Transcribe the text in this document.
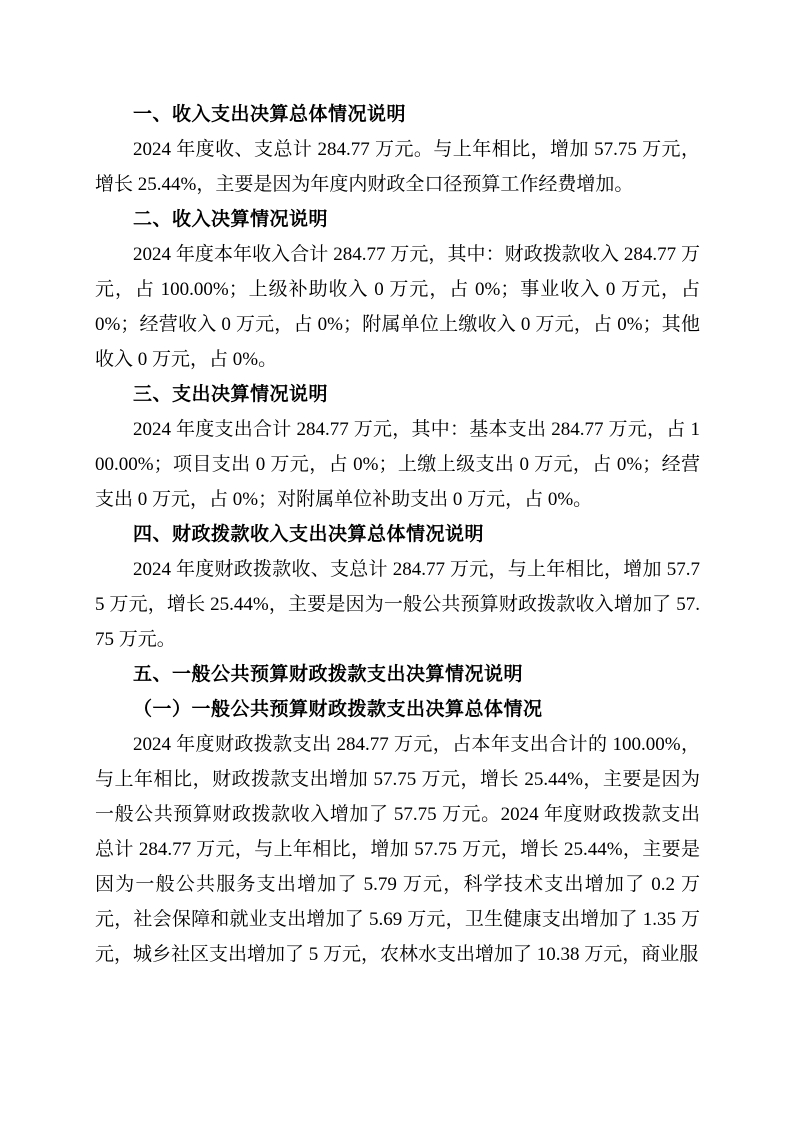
一、收入支出决算总体情况说明

2024 年度收、支总计 284.77 万元。与上年相比，增加 57.75 万元，增长 25.44%，主要是因为年度内财政全口径预算工作经费增加。

二、收入决算情况说明

2024 年度本年收入合计 284.77 万元，其中：财政拨款收入 284.77 万元，占 100.00%；上级补助收入 0 万元，占 0%；事业收入 0 万元，占 0%；经营收入 0 万元，占 0%；附属单位上缴收入 0 万元，占 0%；其他收入 0 万元，占 0%。

三、支出决算情况说明

2024 年度支出合计 284.77 万元，其中：基本支出 284.77 万元，占 100.00%；项目支出 0 万元，占 0%；上缴上级支出 0 万元，占 0%；经营支出 0 万元，占 0%；对附属单位补助支出 0 万元，占 0%。

四、财政拨款收入支出决算总体情况说明

2024 年度财政拨款收、支总计 284.77 万元，与上年相比，增加 57.75 万元，增长 25.44%，主要是因为一般公共预算财政拨款收入增加了 57.75 万元。

五、一般公共预算财政拨款支出决算情况说明
（一）一般公共预算财政拨款支出决算总体情况

2024 年度财政拨款支出 284.77 万元，占本年支出合计的 100.00%，与上年相比，财政拨款支出增加 57.75 万元，增长 25.44%，主要是因为一般公共预算财政拨款收入增加了 57.75 万元。2024 年度财政拨款支出总计 284.77 万元，与上年相比，增加 57.75 万元，增长 25.44%，主要是因为一般公共服务支出增加了 5.79 万元，科学技术支出增加了 0.2 万元，社会保障和就业支出增加了 5.69 万元，卫生健康支出增加了 1.35 万元，城乡社区支出增加了 5 万元，农林水支出增加了 10.38 万元，商业服
